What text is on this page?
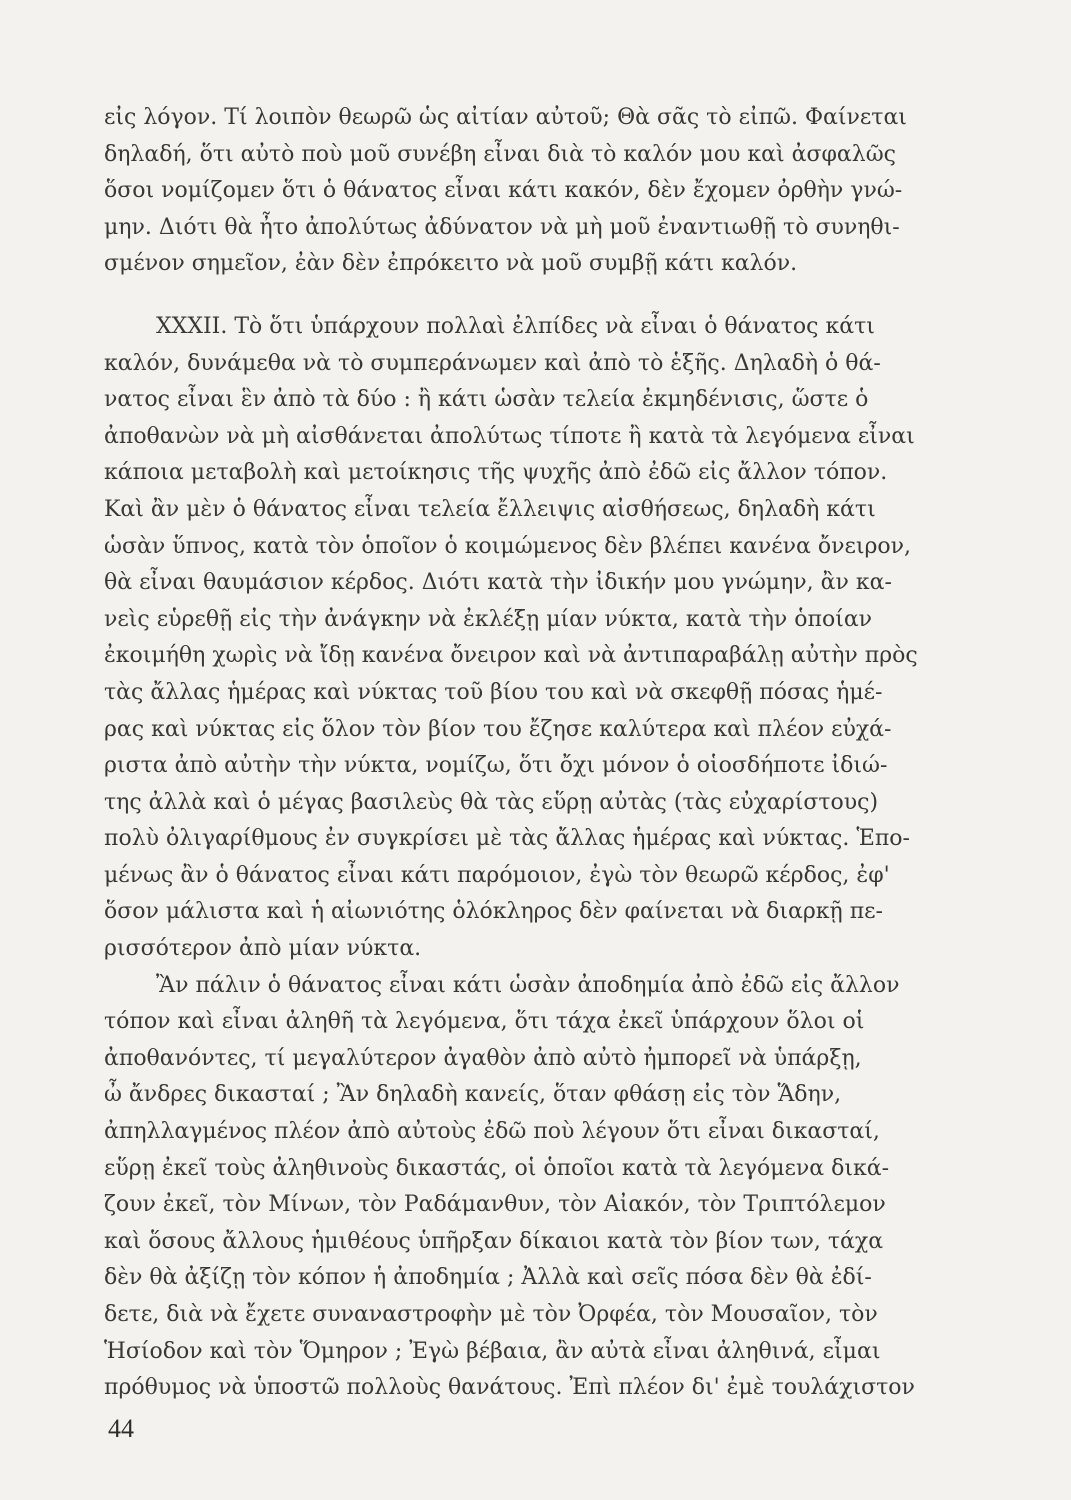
εἰς λόγον. Τί λοιπὸν θεωρῶ ὡς αἰτίαν αὐτοῦ; Θὰ σᾶς τὸ εἰπῶ. Φαίνεται
δηλαδή, ὅτι αὐτὸ ποὺ μοῦ συνέβη εἶναι διὰ τὸ καλόν μου καὶ ἀσφαλῶς
ὅσοι νομίζομεν ὅτι ὁ θάνατος εἶναι κάτι κακόν, δὲν ἔχομεν ὀρθὴν γνώ-
μην. Διότι θὰ ἦτο ἀπολύτως ἀδύνατον νὰ μὴ μοῦ ἐναντιωθῇ τὸ συνηθι-
σμένον σημεῖον, ἐὰν δὲν ἐπρόκειτο νὰ μοῦ συμβῇ κάτι καλόν.
XXXII. Τὸ ὅτι ὑπάρχουν πολλαὶ ἐλπίδες νὰ εἶναι ὁ θάνατος κάτι
καλόν, δυνάμεθα νὰ τὸ συμπεράνωμεν καὶ ἀπὸ τὸ ἑξῆς. Δηλαδὴ ὁ θά-
νατος εἶναι ἓν ἀπὸ τὰ δύο : ἢ κάτι ὡσὰν τελεία ἐκμηδένισις, ὥστε ὁ
ἀποθανὼν νὰ μὴ αἰσθάνεται ἀπολύτως τίποτε ἢ κατὰ τὰ λεγόμενα εἶναι
κάποια μεταβολὴ καὶ μετοίκησις τῆς ψυχῆς ἀπὸ ἐδῶ εἰς ἄλλον τόπον.
Καὶ ἂν μὲν ὁ θάνατος εἶναι τελεία ἔλλειψις αἰσθήσεως, δηλαδὴ κάτι
ὡσὰν ὕπνος, κατὰ τὸν ὁποῖον ὁ κοιμώμενος δὲν βλέπει κανένα ὄνειρον,
θὰ εἶναι θαυμάσιον κέρδος. Διότι κατὰ τὴν ἰδικήν μου γνώμην, ἂν κα-
νεὶς εὑρεθῇ εἰς τὴν ἀνάγκην νὰ ἐκλέξῃ μίαν νύκτα, κατὰ τὴν ὁποίαν
ἐκοιμήθη χωρὶς νὰ ἴδῃ κανένα ὄνειρον καὶ νὰ ἀντιπαραβάλῃ αὐτὴν πρὸς
τὰς ἄλλας ἡμέρας καὶ νύκτας τοῦ βίου του καὶ νὰ σκεφθῇ πόσας ἡμέ-
ρας καὶ νύκτας εἰς ὅλον τὸν βίον του ἔζησε καλύτερα καὶ πλέον εὐχά-
ριστα ἀπὸ αὐτὴν τὴν νύκτα, νομίζω, ὅτι ὄχι μόνον ὁ οἱοσδήποτε ἰδιώ-
της ἀλλὰ καὶ ὁ μέγας βασιλεὺς θὰ τὰς εὕρῃ αὐτὰς (τὰς εὐχαρίστους)
πολὺ ὀλιγαρίθμους ἐν συγκρίσει μὲ τὰς ἄλλας ἡμέρας καὶ νύκτας. Ἑπο-
μένως ἂν ὁ θάνατος εἶναι κάτι παρόμοιον, ἐγὼ τὸν θεωρῶ κέρδος, ἐφ'
ὅσον μάλιστα καὶ ἡ αἰωνιότης ὁλόκληρος δὲν φαίνεται νὰ διαρκῇ πε-
ρισσότερον ἀπὸ μίαν νύκτα.
Ἂν πάλιν ὁ θάνατος εἶναι κάτι ὡσὰν ἀποδημία ἀπὸ ἐδῶ εἰς ἄλλον
τόπον καὶ εἶναι ἀληθῆ τὰ λεγόμενα, ὅτι τάχα ἐκεῖ ὑπάρχουν ὅλοι οἱ
ἀποθανόντες, τί μεγαλύτερον ἀγαθὸν ἀπὸ αὐτὸ ἠμπορεῖ νὰ ὑπάρξῃ,
ὦ ἄνδρες δικασταί ; Ἂν δηλαδὴ κανείς, ὅταν φθάσῃ εἰς τὸν Ἅδην,
ἀπηλλαγμένος πλέον ἀπὸ αὐτοὺς ἐδῶ ποὺ λέγουν ὅτι εἶναι δικασταί,
εὕρῃ ἐκεῖ τοὺς ἀληθινοὺς δικαστάς, οἱ ὁποῖοι κατὰ τὰ λεγόμενα δικά-
ζουν ἐκεῖ, τὸν Μίνων, τὸν Ραδάμανθυν, τὸν Αἰακόν, τὸν Τριπτόλεμον
καὶ ὅσους ἄλλους ἡμιθέους ὑπῆρξαν δίκαιοι κατὰ τὸν βίον των, τάχα
δὲν θὰ ἀξίζῃ τὸν κόπον ἡ ἀποδημία ; Ἀλλὰ καὶ σεῖς πόσα δὲν θὰ ἐδί-
δετε, διὰ νὰ ἔχετε συναναστροφὴν μὲ τὸν Ὀρφέα, τὸν Μουσαῖον, τὸν
Ἡσίοδον καὶ τὸν Ὅμηρον ; Ἐγὼ βέβαια, ἂν αὐτὰ εἶναι ἀληθινά, εἶμαι
πρόθυμος νὰ ὑποστῶ πολλοὺς θανάτους. Ἐπὶ πλέον δι' ἐμὲ τουλάχιστον
44
